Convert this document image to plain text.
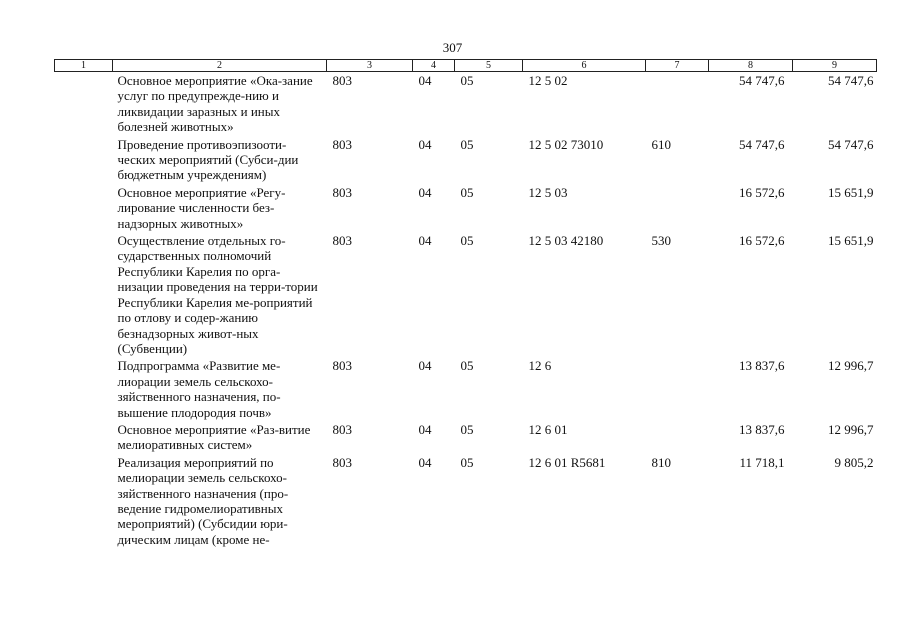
307
1	2	3	4	5	6	7	8	9
	Основное мероприятие «Ока-зание услуг по предупрежде-нию и ликвидации заразных и иных болезней животных»	803	04	05	12 5 02		54 747,6	54 747,6
	Проведение противоэпизооти-ческих мероприятий (Субси-дии бюджетным учреждениям)	803	04	05	12 5 02 73010	610	54 747,6	54 747,6
	Основное мероприятие «Регу-лирование численности без-надзорных животных»	803	04	05	12 5 03		16 572,6	15 651,9
	Осуществление отдельных го-сударственных полномочий Республики Карелия по орга-низации проведения на терри-тории Республики Карелия ме-роприятий по отлову и содер-жанию безнадзорных живот-ных (Субвенции)	803	04	05	12 5 03 42180	530	16 572,6	15 651,9
	Подпрограмма «Развитие ме-лиорации земель сельскохо-зяйственного назначения, по-вышение плодородия почв»	803	04	05	12 6		13 837,6	12 996,7
	Основное мероприятие «Раз-витие мелиоративных систем»	803	04	05	12 6 01		13 837,6	12 996,7
	Реализация мероприятий по мелиорации земель сельскохо-зяйственного назначения (про-ведение гидромелиоративных мероприятий) (Субсидии юри-дическим лицам (кроме не-	803	04	05	12 6 01 R5681	810	11 718,1	9 805,2
